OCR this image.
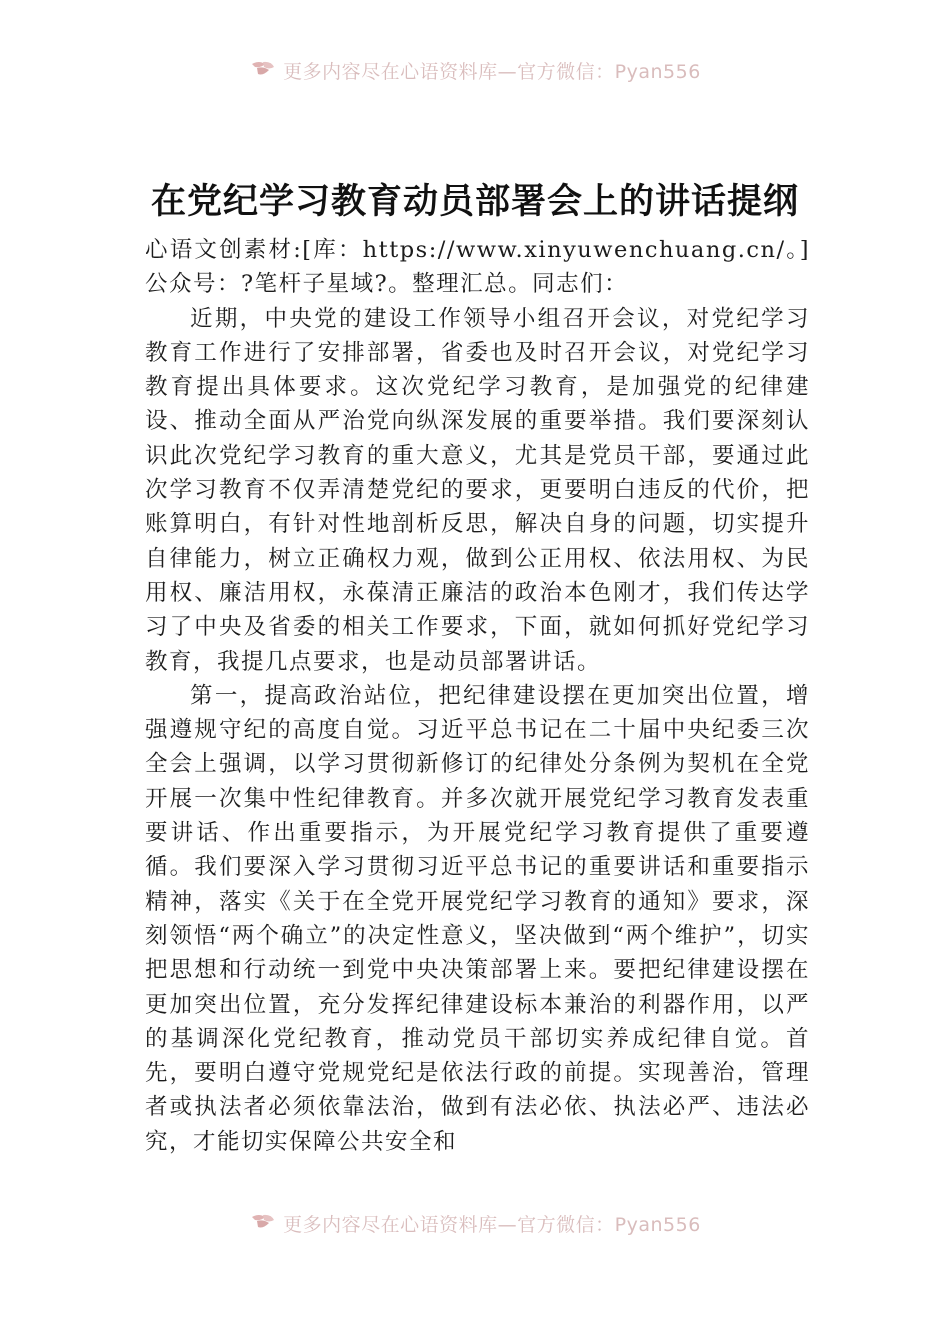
更多内容尽在心语资料库—官方微信：Pyan556
在党纪学习教育动员部署会上的讲话提纲

心语文创素材:[库：https://www.xinyuwenchuang.cn/。]公众号：?笔杆子星域?。整理汇总。同志们：

近期，中央党的建设工作领导小组召开会议，对党纪学习教育工作进行了安排部署，省委也及时召开会议，对党纪学习教育提出具体要求。这次党纪学习教育，是加强党的纪律建设、推动全面从严治党向纵深发展的重要举措。我们要深刻认识此次党纪学习教育的重大意义，尤其是党员干部，要通过此次学习教育不仅弄清楚党纪的要求，更要明白违反的代价，把账算明白，有针对性地剖析反思，解决自身的问题，切实提升自律能力，树立正确权力观，做到公正用权、依法用权、为民用权、廉洁用权，永葆清正廉洁的政治本色刚才，我们传达学习了中央及省委的相关工作要求，下面，就如何抓好党纪学习教育，我提几点要求，也是动员部署讲话。

第一，提高政治站位，把纪律建设摆在更加突出位置，增强遵规守纪的高度自觉。习近平总书记在二十届中央纪委三次全会上强调，以学习贯彻新修订的纪律处分条例为契机在全党开展一次集中性纪律教育。并多次就开展党纪学习教育发表重要讲话、作出重要指示，为开展党纪学习教育提供了重要遵循。我们要深入学习贯彻习近平总书记的重要讲话和重要指示精神，落实《关于在全党开展党纪学习教育的通知》要求，深刻领悟“两个确立”的决定性意义，坚决做到“两个维护”，切实把思想和行动统一到党中央决策部署上来。要把纪律建设摆在更加突出位置，充分发挥纪律建设标本兼治的利器作用，以严的基调深化党纪教育，推动党员干部切实养成纪律自觉。首先，要明白遵守党规党纪是依法行政的前提。实现善治，管理者或执法者必须依靠法治，做到有法必依、执法必严、违法必究，才能切实保障公共安全和

更多内容尽在心语资料库—官方微信：Pyan556
